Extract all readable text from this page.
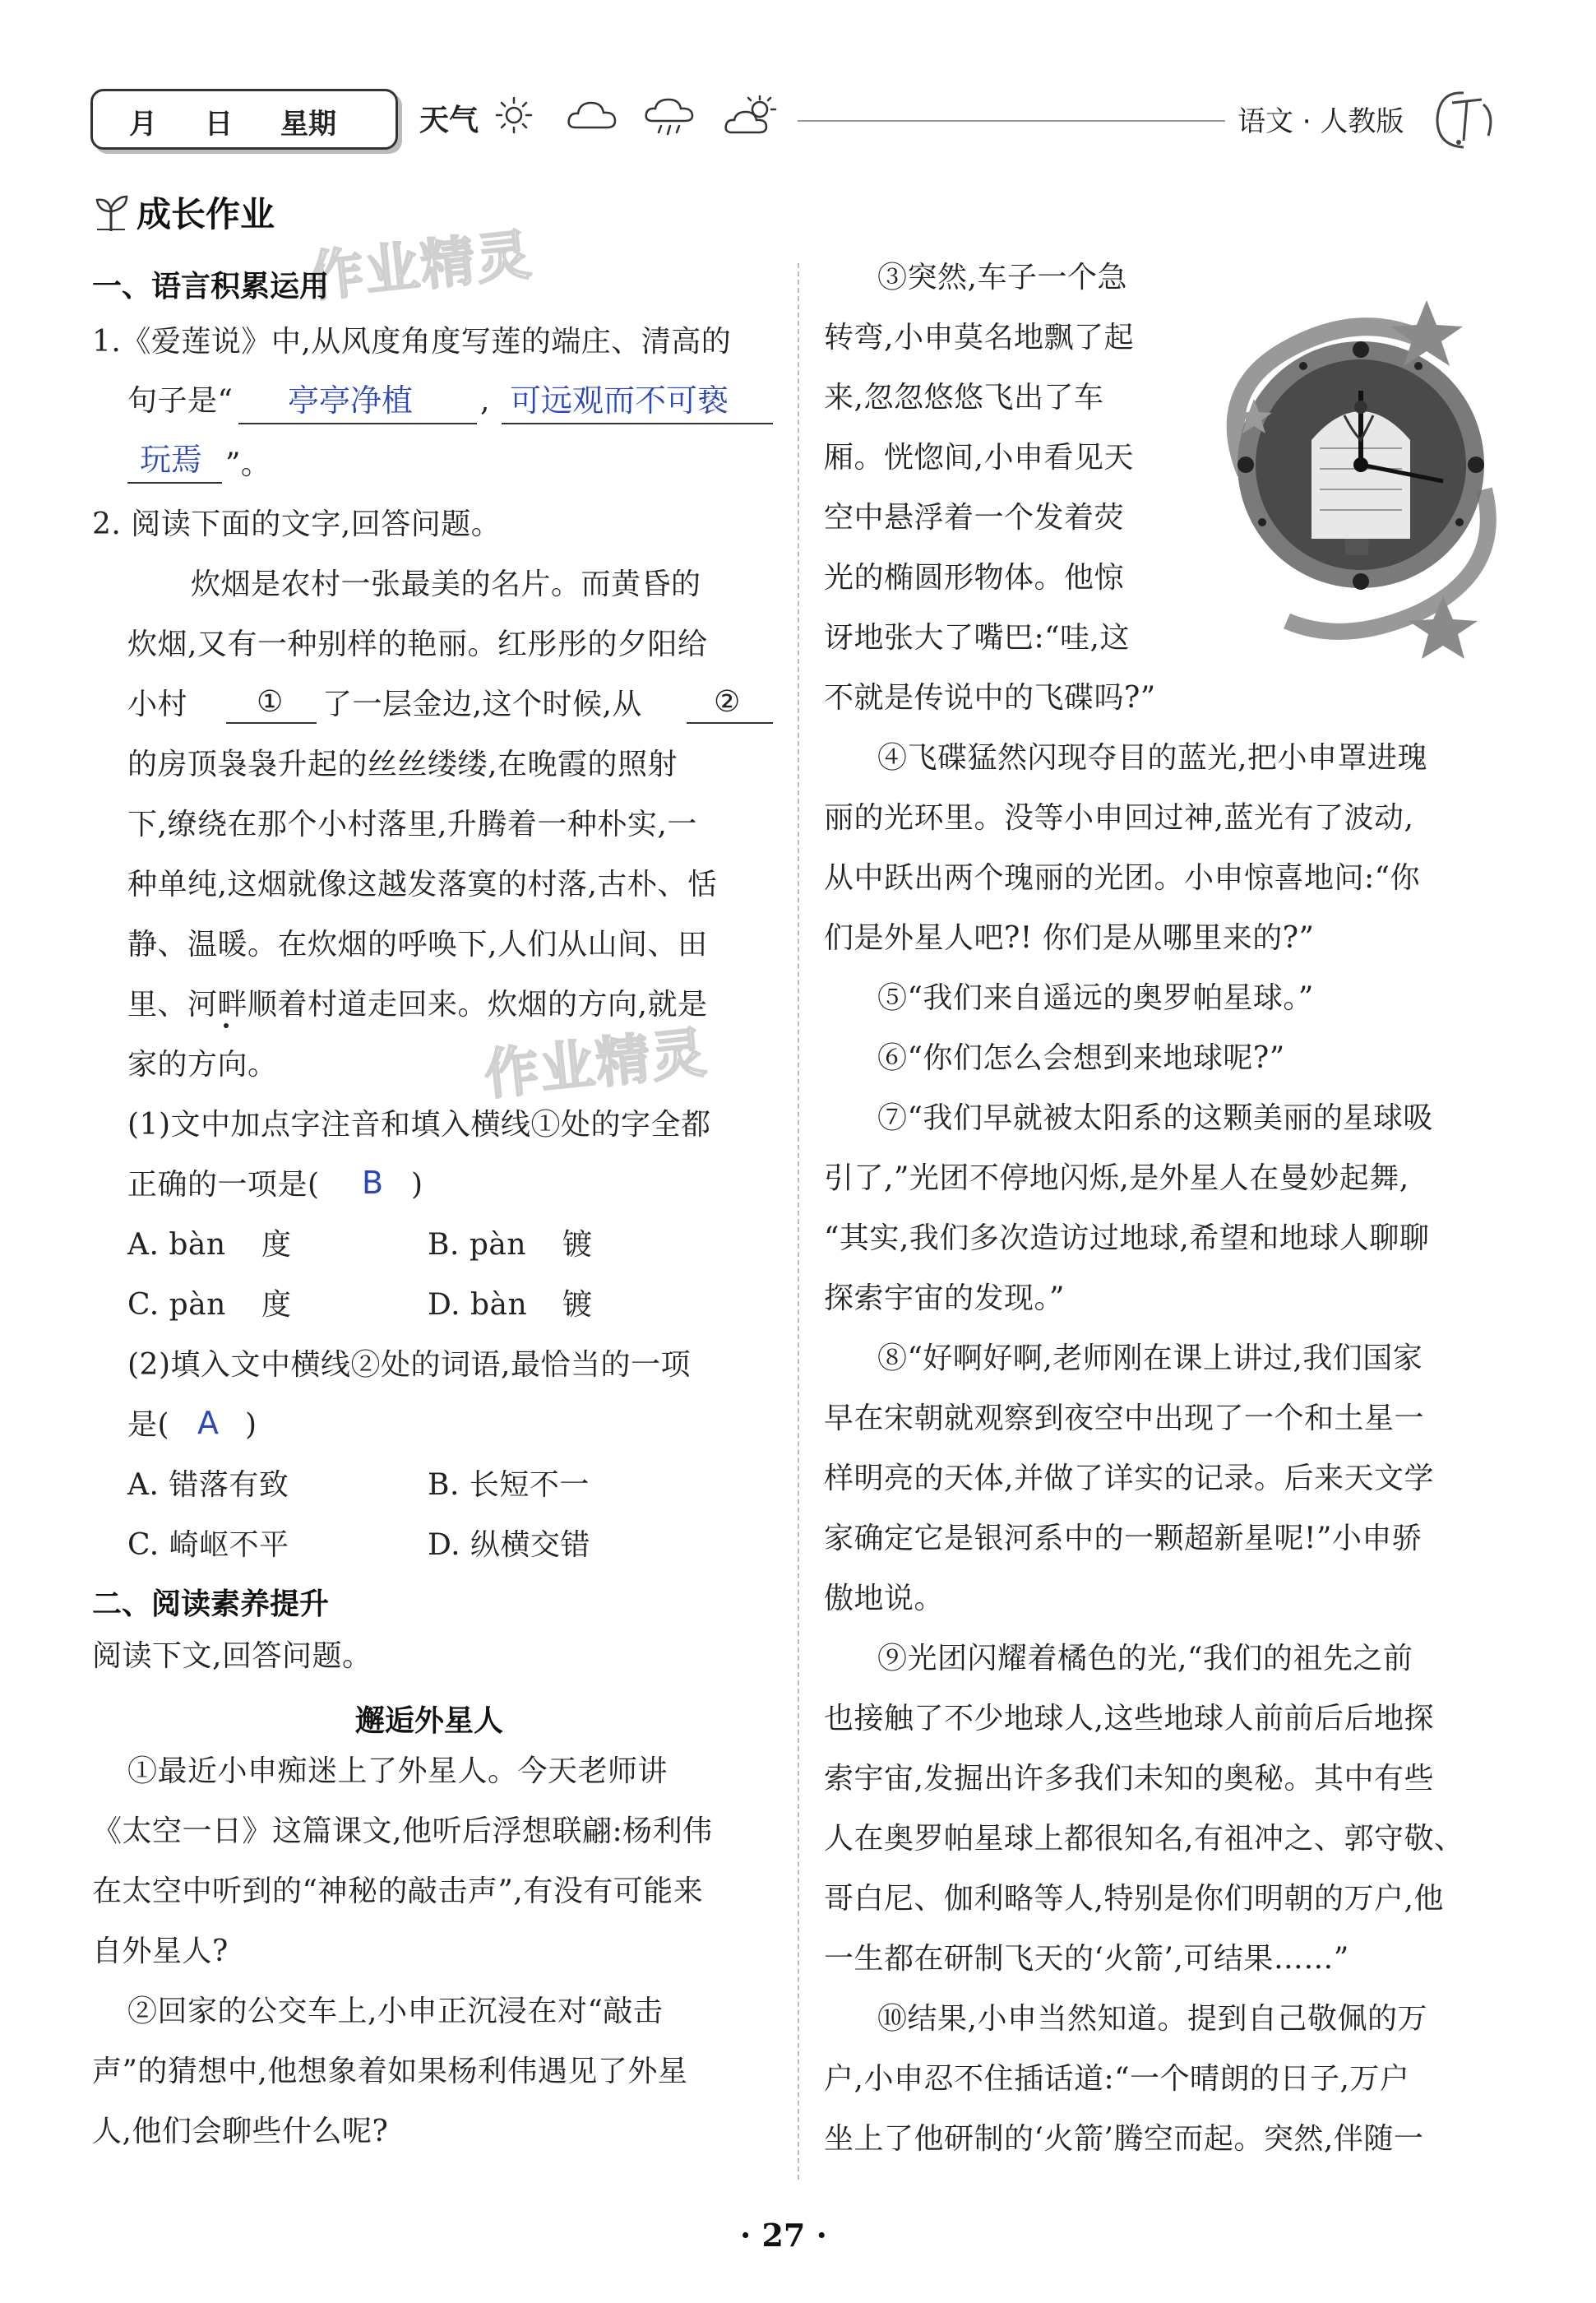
月 日 星期	天气	语文 · 人教版
成长作业
作业精灵
作业精灵
一、语言积累运用
1.《爱莲说》中,从风度角度写莲的端庄、清高的
句子是“ 亭亭净植 , 可远观而不可亵
玩焉 ”。
2. 阅读下面的文字,回答问题。
炊烟是农村一张最美的名片。而黄昏的
炊烟,又有一种别样的艳丽。红彤彤的夕阳给
小村 ① 了一层金边,这个时候,从 ②
的房顶袅袅升起的丝丝缕缕,在晚霞的照射
下,缭绕在那个小村落里,升腾着一种朴实,一
种单纯,这烟就像这越发落寞的村落,古朴、恬
静、温暖。在炊烟的呼唤下,人们从山间、田
里、河畔顺着村道走回来。炊烟的方向,就是
家的方向。
(1)文中加点字注音和填入横线①处的字全都
正确的一项是( B )
A. bàn 度	B. pàn 镀
C. pàn 度	D. bàn 镀
(2)填入文中横线②处的词语,最恰当的一项
是( A )
A. 错落有致	B. 长短不一
C. 崎岖不平	D. 纵横交错
二、阅读素养提升
阅读下文,回答问题。
邂逅外星人
①最近小申痴迷上了外星人。今天老师讲
《太空一日》这篇课文,他听后浮想联翩:杨利伟
在太空中听到的“神秘的敲击声”,有没有可能来
自外星人?
②回家的公交车上,小申正沉浸在对“敲击
声”的猜想中,他想象着如果杨利伟遇见了外星
人,他们会聊些什么呢?
③突然,车子一个急
转弯,小申莫名地飘了起
来,忽忽悠悠飞出了车
厢。恍惚间,小申看见天
空中悬浮着一个发着荧
光的椭圆形物体。他惊
讶地张大了嘴巴:“哇,这
不就是传说中的飞碟吗?”
④飞碟猛然闪现夺目的蓝光,把小申罩进瑰
丽的光环里。没等小申回过神,蓝光有了波动,
从中跃出两个瑰丽的光团。小申惊喜地问:“你
们是外星人吧?! 你们是从哪里来的?”
⑤“我们来自遥远的奥罗帕星球。”
⑥“你们怎么会想到来地球呢?”
⑦“我们早就被太阳系的这颗美丽的星球吸
引了,”光团不停地闪烁,是外星人在曼妙起舞,
“其实,我们多次造访过地球,希望和地球人聊聊
探索宇宙的发现。”
⑧“好啊好啊,老师刚在课上讲过,我们国家
早在宋朝就观察到夜空中出现了一个和土星一
样明亮的天体,并做了详实的记录。后来天文学
家确定它是银河系中的一颗超新星呢!”小申骄
傲地说。
⑨光团闪耀着橘色的光,“我们的祖先之前
也接触了不少地球人,这些地球人前前后后地探
索宇宙,发掘出许多我们未知的奥秘。其中有些
人在奥罗帕星球上都很知名,有祖冲之、郭守敬、
哥白尼、伽利略等人,特别是你们明朝的万户,他
一生都在研制飞天的‘火箭’,可结果……”
⑩结果,小申当然知道。提到自己敬佩的万
户,小申忍不住插话道:“一个晴朗的日子,万户
坐上了他研制的‘火箭’腾空而起。突然,伴随一
· 27 ·
